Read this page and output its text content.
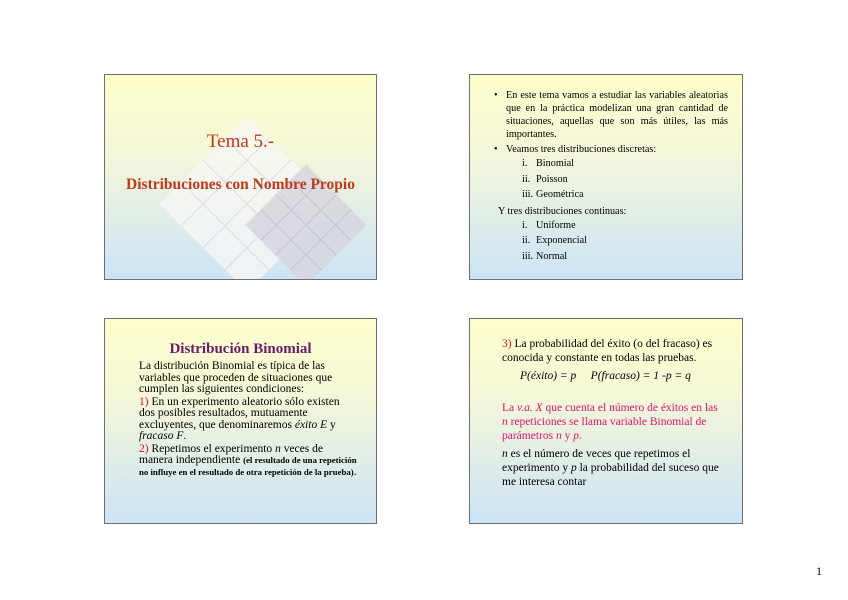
Tema 5.-
Distribuciones con Nombre Propio
• En este tema vamos a estudiar las variables aleatorias que en la práctica modelizan una gran cantidad de situaciones, aquellas que son más útiles, las más importantes.
• Veamos tres distribuciones discretas:
i. Binomial
ii. Poisson
iii. Geométrica
Y tres distribuciones continuas:
i. Uniforme
ii. Exponencial
iii. Normal
Distribución Binomial

La distribución Binomial es típica de las variables que proceden de situaciones que cumplen las siguientes condiciones:

1) En un experimento aleatorio sólo existen dos posibles resultados, mutuamente excluyentes, que denominaremos éxito E y fracaso F.

2) Repetimos el experimento n veces de manera independiente (el resultado de una repetición no influye en el resultado de otra repetición de la prueba).

3) La probabilidad del éxito (o del fracaso) es conocida y constante en todas las pruebas.

P(éxito) = p     P(fracaso) = 1 -p = q

La v.a. X que cuenta el número de éxitos en las n repeticiones se llama variable Binomial de parámetros n y p.

n es el número de veces que repetimos el experimento y p la probabilidad del suceso que me interesa contar

1
